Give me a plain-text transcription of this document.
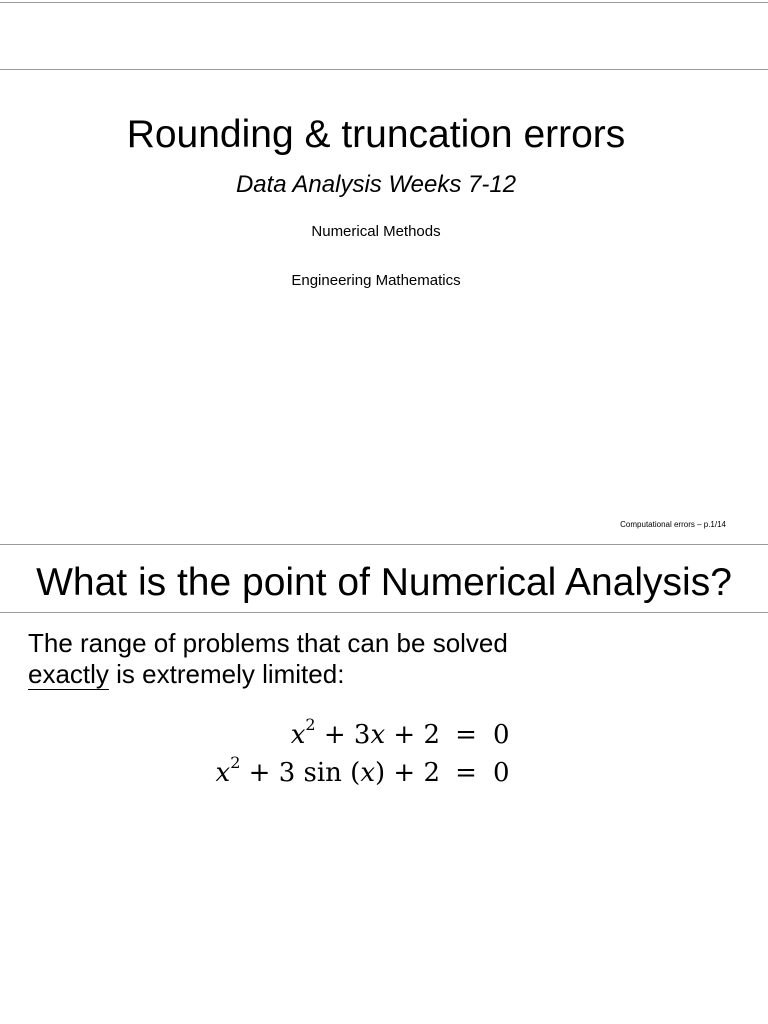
Rounding & truncation errors
Data Analysis Weeks 7-12
Numerical Methods
Engineering Mathematics
Computational errors – p.1/14
What is the point of Numerical Analysis?
The range of problems that can be solved
exactly is extremely limited:
$x^2 + 3x + 2 = 0$
$x^2 + 3$ sin (x) + 2 = 0
